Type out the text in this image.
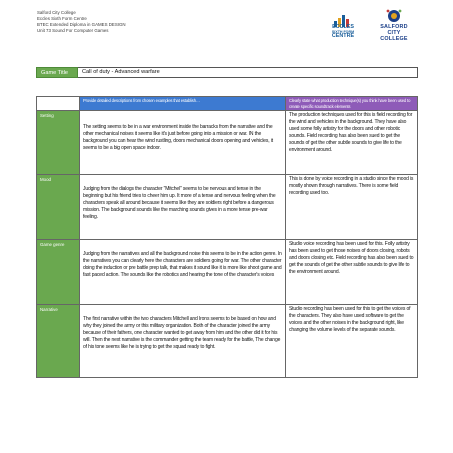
Salford City College
Eccles Sixth Form Centre
BTEC Extended Diploma in GAMES DESIGN
Unit 73 Sound For Computer Games
ECCLES
SIXTH FORM
CENTRE
SALFORD
CITY
COLLEGE
Game Title	Call of duty - Advanced warfare
Provide detailed descriptions from chosen examples that establish…	Clearly state what production technique(s) you think have been used to create specific soundtrack elements
Setting
The setting seems to be in a war environment inside the barracks from the narrative and the other mechanical noises it seems like it's just before going into a mission or war. IN the background you can hear the wind rustling, doors mechanical doors opening and vehicles, it seems to be a big open space indoor.
The production techniques used for this is field recording for the wind and vehicles in the background. They have also used some folly artistry for the doors and other robotic sounds. Field recording has also been sued to get the sounds of get the other subtle sounds to give life to the environment around.
Mood
Judging from the dialogs the character "Mitchel" seems to be nervous and tense in the beginning but his friend tries to cheer him up. It more of a tense and nervous feeling when the characters speak all around because it seems like they are soldiers right before a dangerous mission. The background sounds like the marching sounds gives in a more tense pre-war feeling.
This is done by voice recording in a studio since the mood is mostly shown through narratives. There is some field recording used too.
Game genre
Judging from the narratives and all the background noise this seems to be in the action genre. In the narratives you can clearly here the characters are soldiers going for war. The other character doing the induction or pre battle prep talk, that makes it sound like it is more like shoot game and fast paced action. The sounds like the robotics and hearing the tone of the character's voices
Studio voice recording has been used for this. Folly artistry has been used to get those noises of doors closing, robots and doors closing etc. Field recording has also been sued to get the sounds of get the other subtle sounds to give life to the environment around.
Narrative
The first narrative within the two characters Mitchell and Irons seems to be based on how and why they joined the army or this military organization. Both of the character joined the army because of their fathers, one character wanted to get away from him and the other did it for his will. Then the next narrative is the commander getting the team ready for the battle, The change of his tone seems like he is trying to get the squad ready to fight.
Studio recording has been used for this to get the voices of the characters. They also have used software to get the voices and the other noises in the background right, like changing the volume levels of the separate sounds.
